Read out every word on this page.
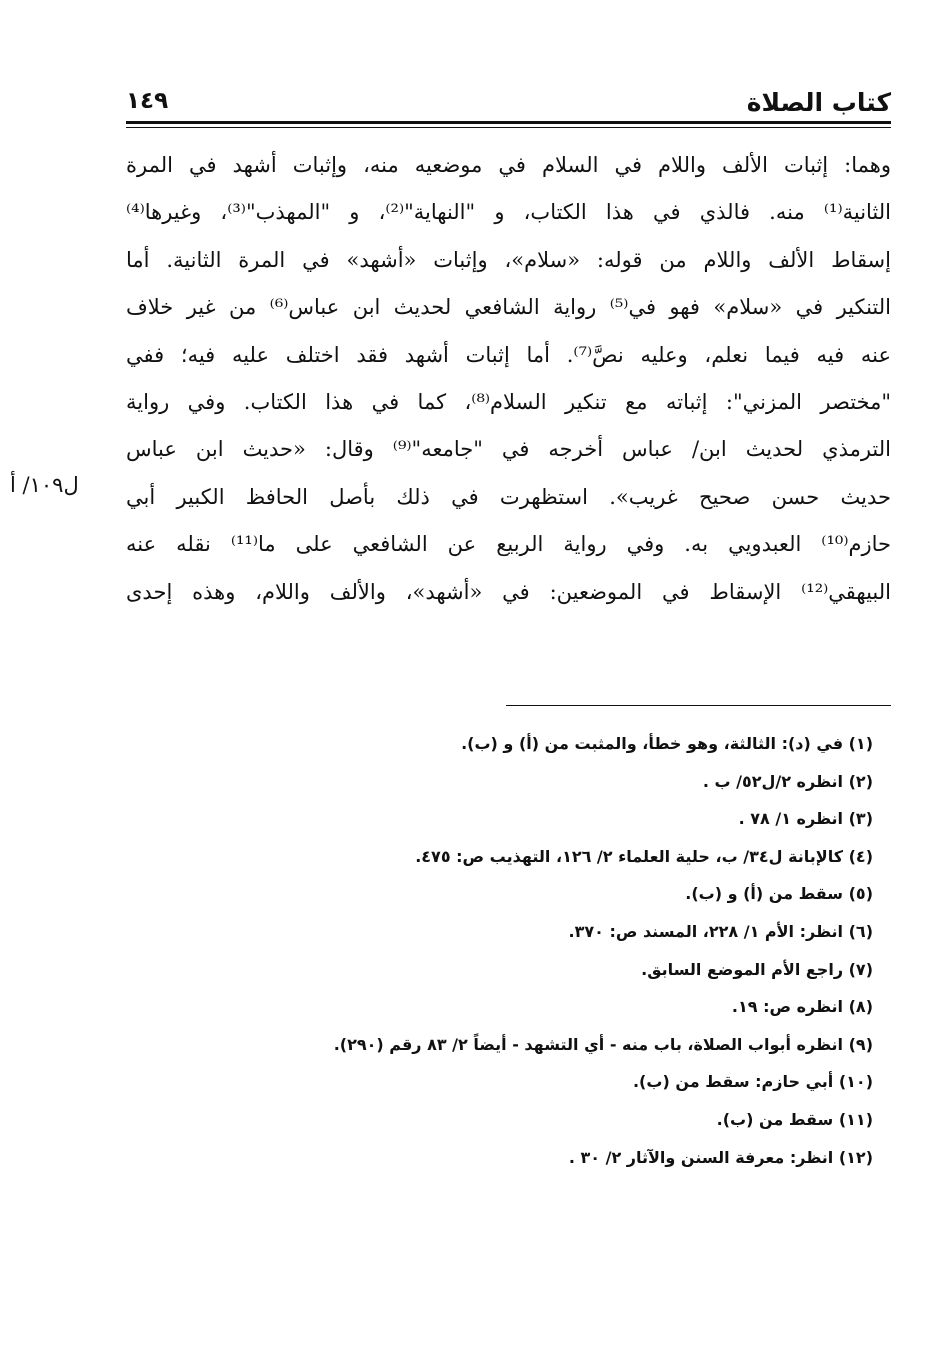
كتاب الصلاة
١٤٩
ل١٠٩/ أ
وهما: إثبات الألف واللام في السلام في موضعيه منه، وإثبات أشهد في المرة
الثانية⁽¹⁾ منه. فالذي في هذا الكتاب، و "النهاية"⁽²⁾، و "المهذب"⁽³⁾، وغيرها⁽⁴⁾
إسقاط الألف واللام من قوله: «سلام»، وإثبات «أشهد» في المرة الثانية. أما
التنكير في «سلام» فهو في⁽⁵⁾ رواية الشافعي لحديث ابن عباس⁽⁶⁾ من غير خلاف
عنه فيه فيما نعلم، وعليه نصَّ⁽⁷⁾. أما إثبات أشهد فقد اختلف عليه فيه؛ ففي
"مختصر المزني": إثباته مع تنكير السلام⁽⁸⁾، كما في هذا الكتاب. وفي رواية
الترمذي لحديث ابن/ عباس أخرجه في "جامعه"⁽⁹⁾ وقال: «حديث ابن عباس
حديث حسن صحيح غريب». استظهرت في ذلك بأصل الحافظ الكبير أبي
حازم⁽¹⁰⁾ العبدويي به. وفي رواية الربيع عن الشافعي على ما⁽¹¹⁾ نقله عنه
البيهقي⁽¹²⁾ الإسقاط في الموضعين: في «أشهد»، والألف واللام، وهذه إحدى
(١) في (د): الثالثة، وهو خطأ، والمثبت من (أ) و (ب).
(٢) انظره ٢/ل٥٢/ ب .
(٣) انظره ١/ ٧٨ .
(٤) كالإبانة ل٣٤/ ب، حلية العلماء ٢/ ١٢٦، التهذيب ص: ٤٧٥.
(٥) سقط من (أ) و (ب).
(٦) انظر: الأم ١/ ٢٢٨، المسند ص: ٣٧٠.
(٧) راجع الأم الموضع السابق.
(٨) انظره ص: ١٩.
(٩) انظره أبواب الصلاة، باب منه - أي التشهد - أيضاً ٢/ ٨٣ رقم (٢٩٠).
(١٠) أبي حازم: سقط من (ب).
(١١) سقط من (ب).
(١٢) انظر: معرفة السنن والآثار ٢/ ٣٠ .
